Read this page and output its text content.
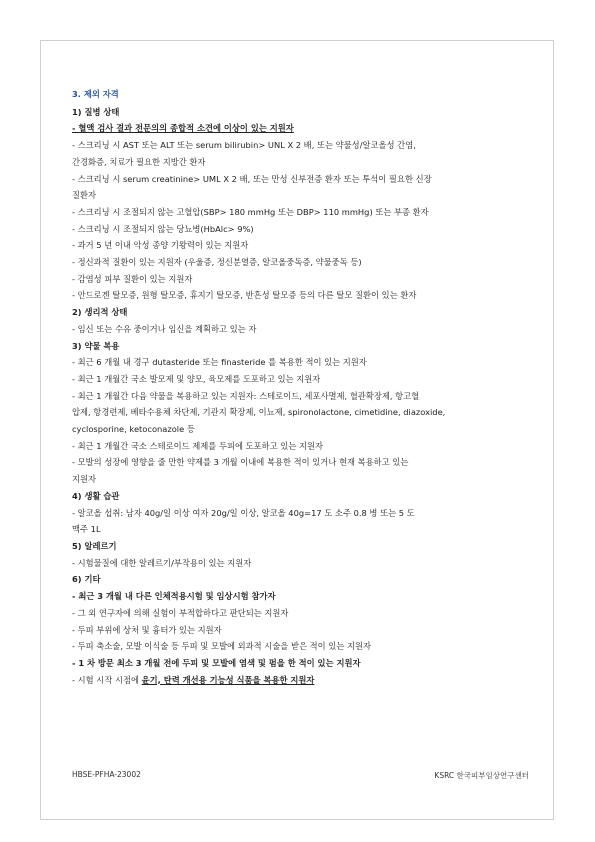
3. 제외 자격
1) 질병 상태
- 혈액 검사 결과 전문의의 종합적 소견에 이상이 있는 지원자
- 스크리닝 시 AST 또는 ALT 또는 serum bilirubin> UNL X 2 배, 또는 약물성/알코올성 간염,
간경화증, 치료가 필요한 지방간 환자
- 스크리닝 시 serum creatinine> UML X 2 배, 또는 만성 신부전증 환자 또는 투석이 필요한 신장
질환자
- 스크리닝 시 조절되지 않는 고혈압(SBP> 180 mmHg 또는 DBP> 110 mmHg) 또는 부종 환자
- 스크리닝 시 조절되지 않는 당뇨병(HbAlc> 9%)
- 과거 5 년 이내 악성 종양 기왕력이 있는 지원자
- 정신과적 질환이 있는 지원자 (우울증, 정신분열증, 알코올중독증, 약물중독 등)
- 감염성 피부 질환이 있는 지원자
- 안드로겐 탈모증, 원형 탈모증, 휴지기 탈모증, 반흔성 탈모증 등의 다른 탈모 질환이 있는 환자
2) 생리적 상태
- 임신 또는 수유 중이거나 임신을 계획하고 있는 자
3) 약물 복용
- 최근 6 개월 내 경구 dutasteride 또는 finasteride 를 복용한 적이 있는 지원자
- 최근 1 개월간 국소 발모제 및 양모, 육모제를 도포하고 있는 지원자
- 최근 1 개월간 다음 약물을 복용하고 있는 지원자: 스테로이드, 세포사멸제, 혈관확장제, 항고혈
압제, 항경련제, 베타수용체 차단제, 기관지 확장제, 이뇨제, spironolactone, cimetidine, diazoxide,
cyclosporine, ketoconazole 등
- 최근 1 개월간 국소 스테로이드 제제를 두피에 도포하고 있는 지원자
- 모발의 성장에 영향을 줄 만한 약제를 3 개월 이내에 복용한 적이 있거나 현재 복용하고 있는
지원자
4) 생활 습관
- 알코올 섭취: 남자 40g/일 이상 여자 20g/일 이상, 알코올 40g=17 도 소주 0.8 병 또는 5 도
맥주 1L
5) 알레르기
- 시험물질에 대한 알레르기/부작용이 있는 지원자
6) 기타
- 최근 3 개월 내 다른 인체적용시험 및 임상시험 참가자
- 그 외 연구자에 의해 실험이 부적합하다고 판단되는 지원자
- 두피 부위에 상처 및 흉터가 있는 지원자
- 두피 축소술, 모발 이식술 등 두피 및 모발에 외과적 시술을 받은 적이 있는 지원자
- 1 차 방문 최소 3 개월 전에 두피 및 모발에 염색 및 펌을 한 적이 있는 지원자
- 시험 시작 시점에 윤기, 탄력 개선용 기능성 식품을 복용한 지원자
HBSE-PFHA-23002	KSRC 한국피부임상연구센터
